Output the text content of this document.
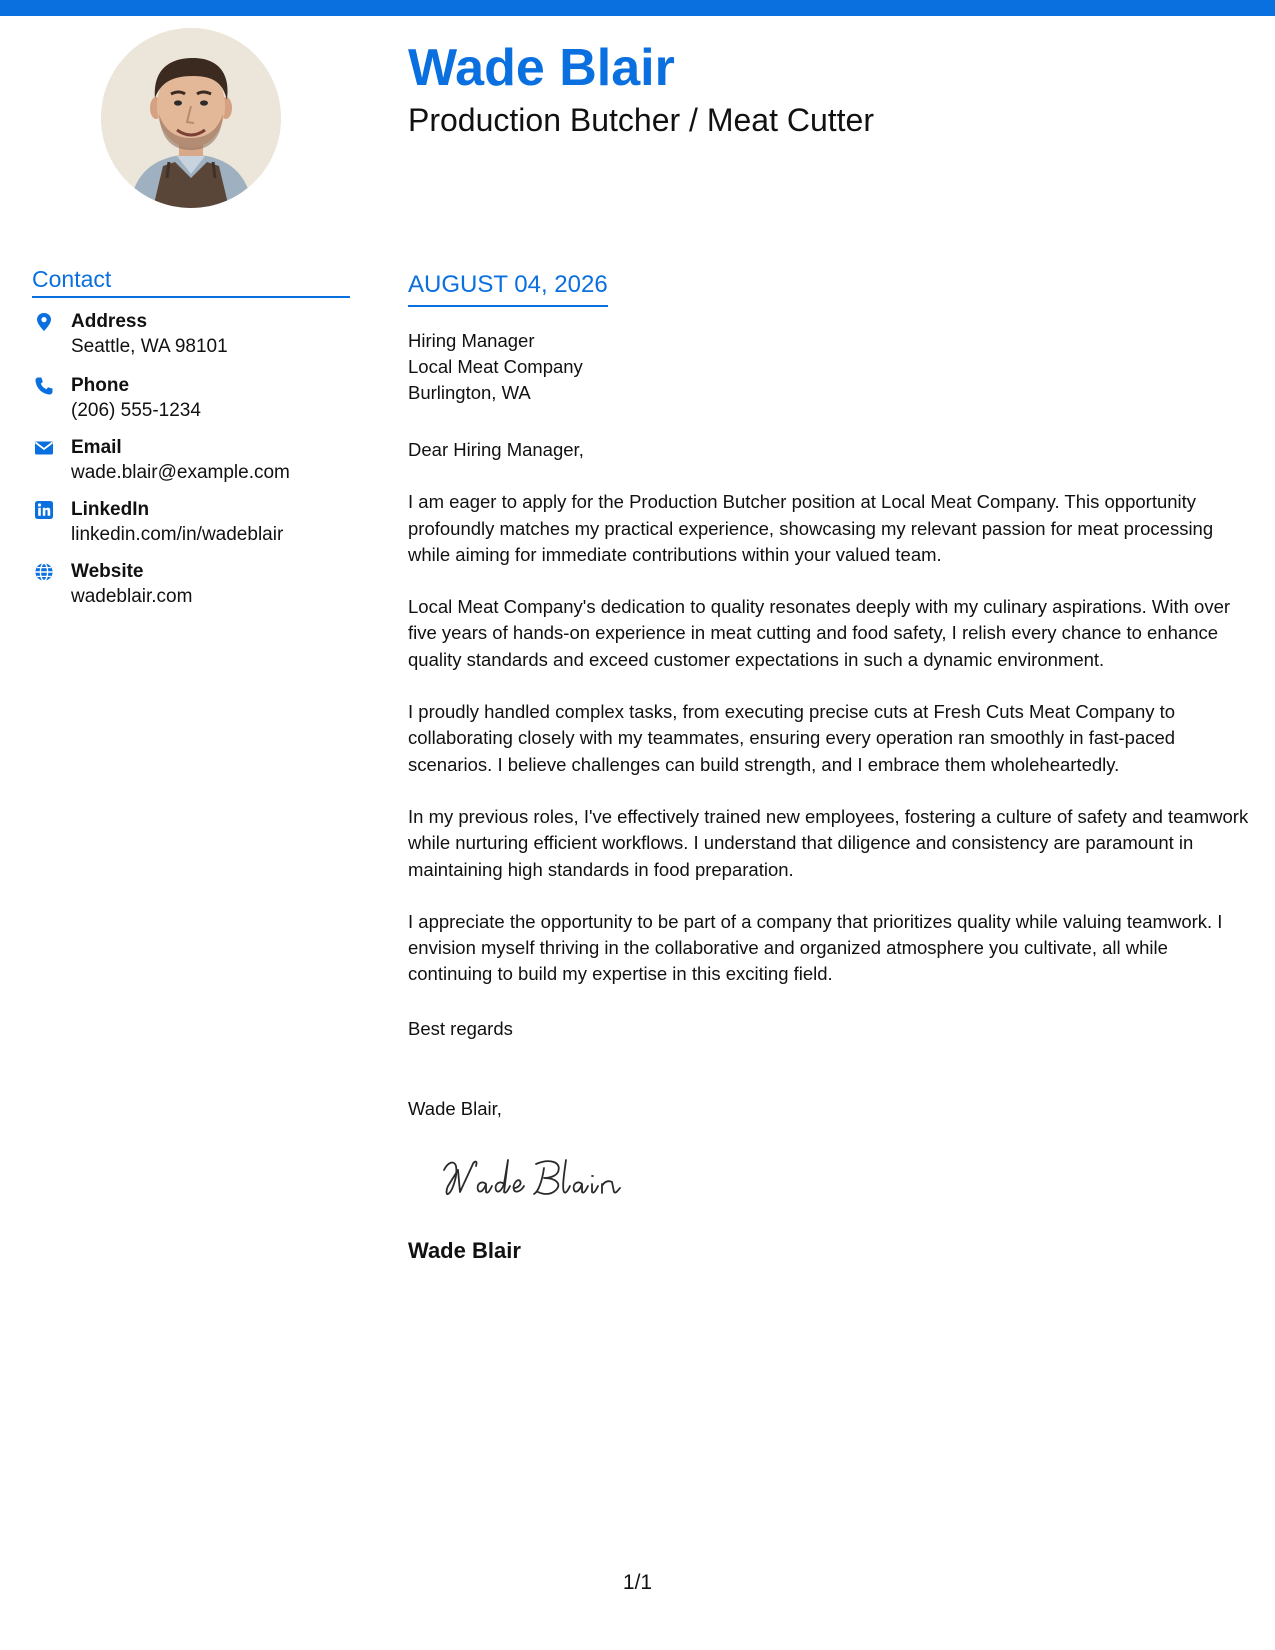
Wade Blair
Production Butcher / Meat Cutter
Contact
Address
Seattle, WA 98101
Phone
(206) 555-1234
Email
wade.blair@example.com
LinkedIn
linkedin.com/in/wadeblair
Website
wadeblair.com
AUGUST 04, 2026
Hiring Manager
Local Meat Company
Burlington, WA

Dear Hiring Manager,

I am eager to apply for the Production Butcher position at Local Meat Company. This opportunity profoundly matches my practical experience, showcasing my relevant passion for meat processing while aiming for immediate contributions within your valued team.

Local Meat Company's dedication to quality resonates deeply with my culinary aspirations. With over five years of hands-on experience in meat cutting and food safety, I relish every chance to enhance quality standards and exceed customer expectations in such a dynamic environment.

I proudly handled complex tasks, from executing precise cuts at Fresh Cuts Meat Company to collaborating closely with my teammates, ensuring every operation ran smoothly in fast-paced scenarios. I believe challenges can build strength, and I embrace them wholeheartedly.

In my previous roles, I've effectively trained new employees, fostering a culture of safety and teamwork while nurturing efficient workflows. I understand that diligence and consistency are paramount in maintaining high standards in food preparation.

I appreciate the opportunity to be part of a company that prioritizes quality while valuing teamwork. I envision myself thriving in the collaborative and organized atmosphere you cultivate, all while continuing to build my expertise in this exciting field.

Best regards
Wade Blair,
Wade Blair
1/1
